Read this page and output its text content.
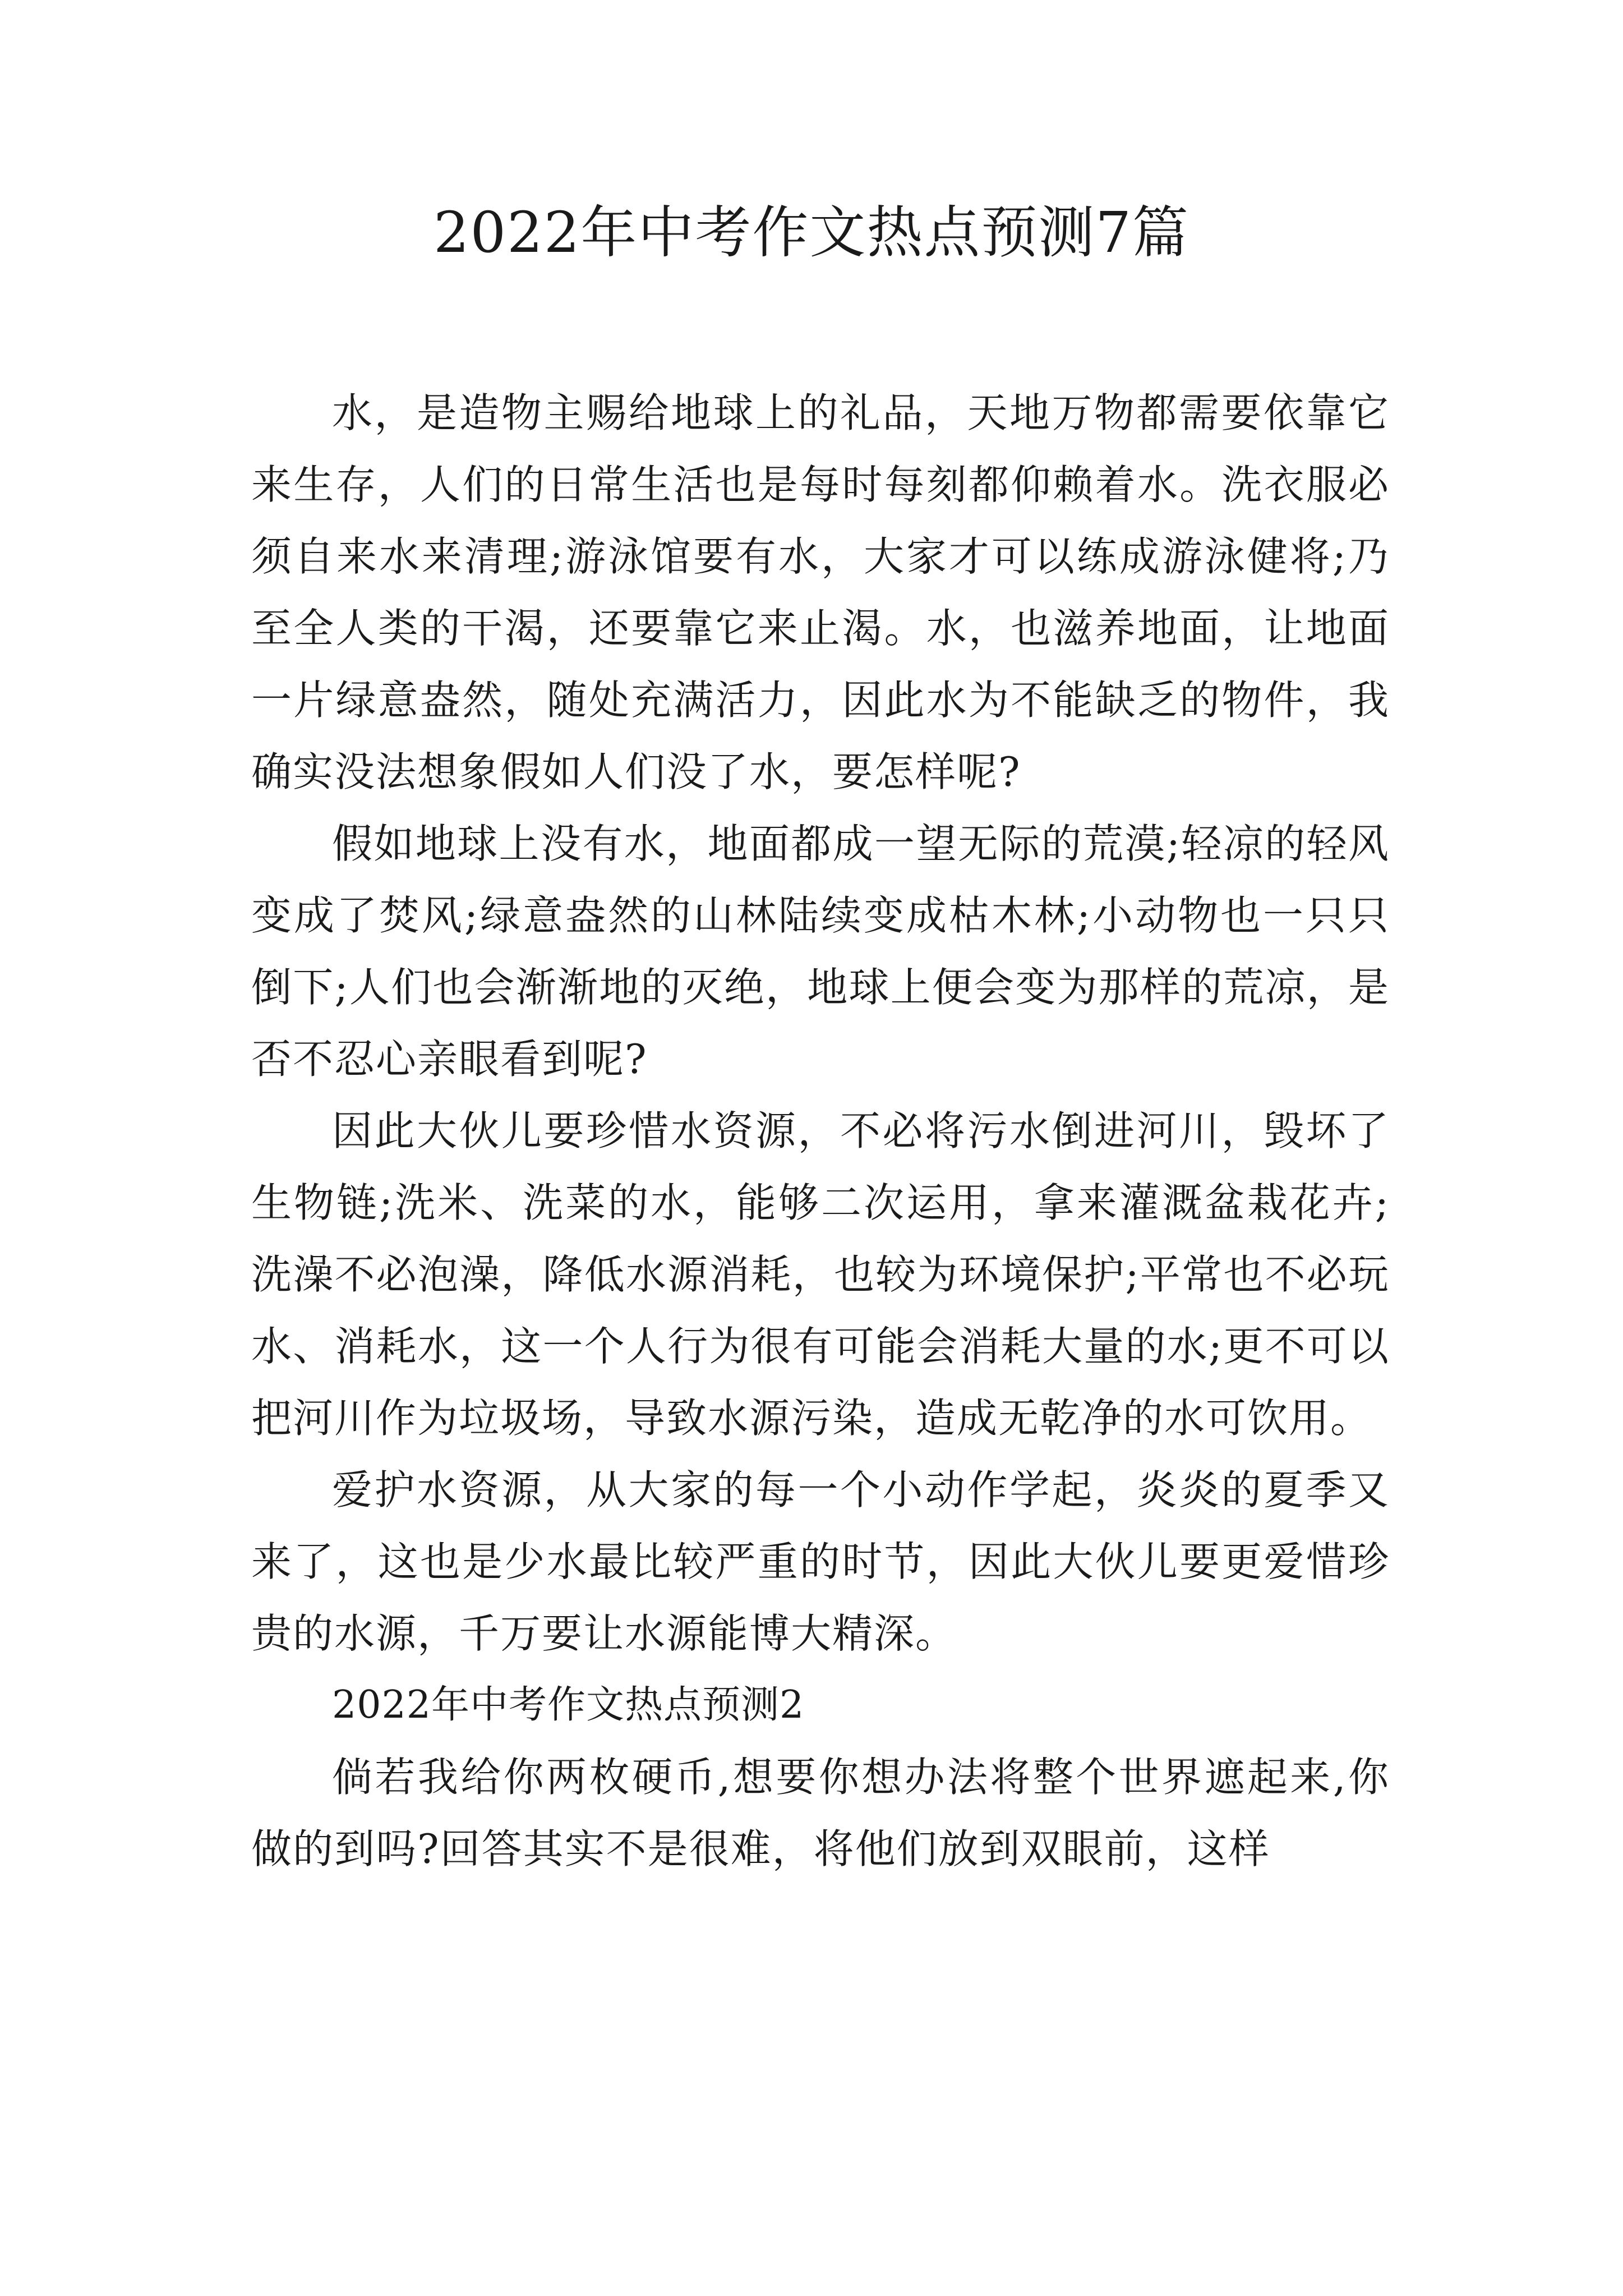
2022年中考作文热点预测7篇

水，是造物主赐给地球上的礼品，天地万物都需要依靠它来生存，人们的日常生活也是每时每刻都仰赖着水。洗衣服必须自来水来清理;游泳馆要有水，大家才可以练成游泳健将;乃至全人类的干渴，还要靠它来止渴。水，也滋养地面，让地面一片绿意盎然，随处充满活力，因此水为不能缺乏的物件，我确实没法想象假如人们没了水，要怎样呢?

假如地球上没有水，地面都成一望无际的荒漠;轻凉的轻风变成了焚风;绿意盎然的山林陆续变成枯木林;小动物也一只只倒下;人们也会渐渐地的灭绝，地球上便会变为那样的荒凉，是否不忍心亲眼看到呢?

因此大伙儿要珍惜水资源，不必将污水倒进河川，毁坏了生物链;洗米、洗菜的水，能够二次运用，拿来灌溉盆栽花卉;洗澡不必泡澡，降低水源消耗，也较为环境保护;平常也不必玩水、消耗水，这一个人行为很有可能会消耗大量的水;更不可以把河川作为垃圾场，导致水源污染，造成无乾净的水可饮用。

爱护水资源，从大家的每一个小动作学起，炎炎的夏季又来了，这也是少水最比较严重的时节，因此大伙儿要更爱惜珍贵的水源，千万要让水源能博大精深。

2022年中考作文热点预测2

倘若我给你两枚硬币,想要你想办法将整个世界遮起来,你做的到吗?回答其实不是很难，将他们放到双眼前，这样
